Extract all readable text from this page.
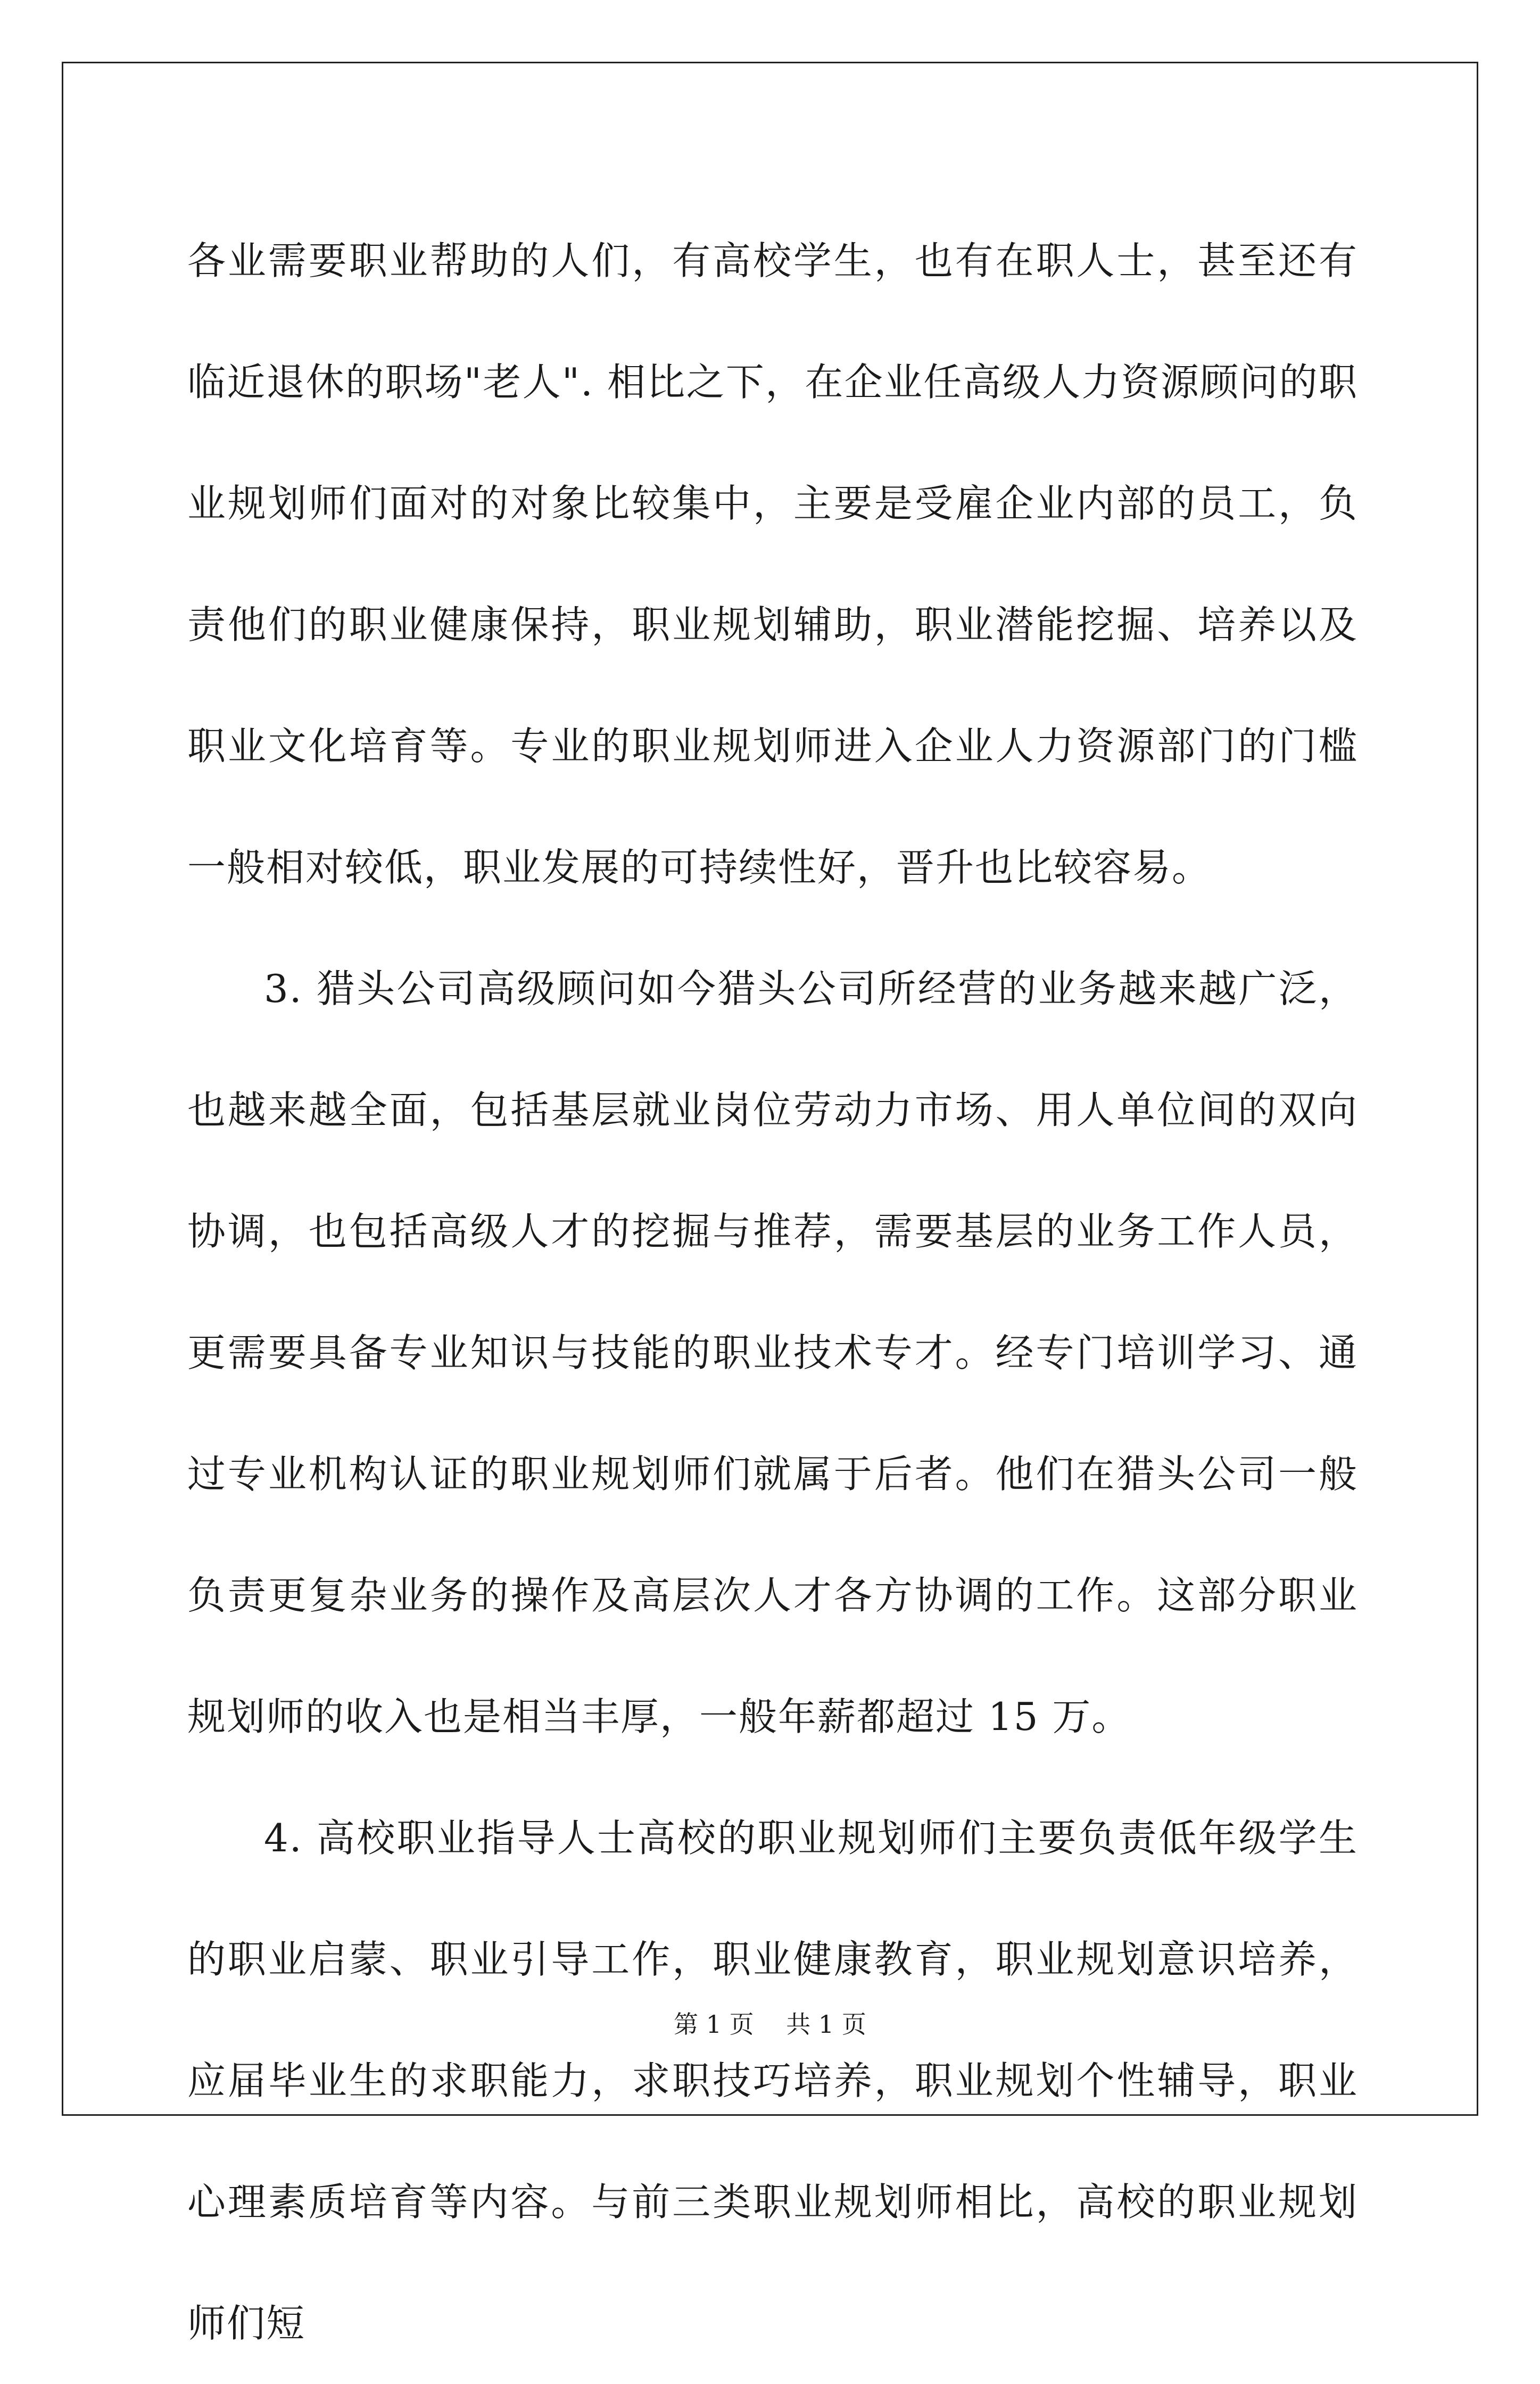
各业需要职业帮助的人们，有高校学生，也有在职人士，甚至还有临近退休的职场"老人". 相比之下，在企业任高级人力资源顾问的职业规划师们面对的对象比较集中，主要是受雇企业内部的员工，负责他们的职业健康保持，职业规划辅助，职业潜能挖掘、培养以及职业文化培育等。专业的职业规划师进入企业人力资源部门的门槛一般相对较低，职业发展的可持续性好，晋升也比较容易。

3. 猎头公司高级顾问如今猎头公司所经营的业务越来越广泛，也越来越全面，包括基层就业岗位劳动力市场、用人单位间的双向协调，也包括高级人才的挖掘与推荐，需要基层的业务工作人员，更需要具备专业知识与技能的职业技术专才。经专门培训学习、通过专业机构认证的职业规划师们就属于后者。他们在猎头公司一般负责更复杂业务的操作及高层次人才各方协调的工作。这部分职业规划师的收入也是相当丰厚，一般年薪都超过 15 万。

4. 高校职业指导人士高校的职业规划师们主要负责低年级学生的职业启蒙、职业引导工作，职业健康教育，职业规划意识培养，应届毕业生的求职能力，求职技巧培养，职业规划个性辅导，职业心理素质培育等内容。与前三类职业规划师相比，高校的职业规划师们短

第 1 页　 共 1 页
